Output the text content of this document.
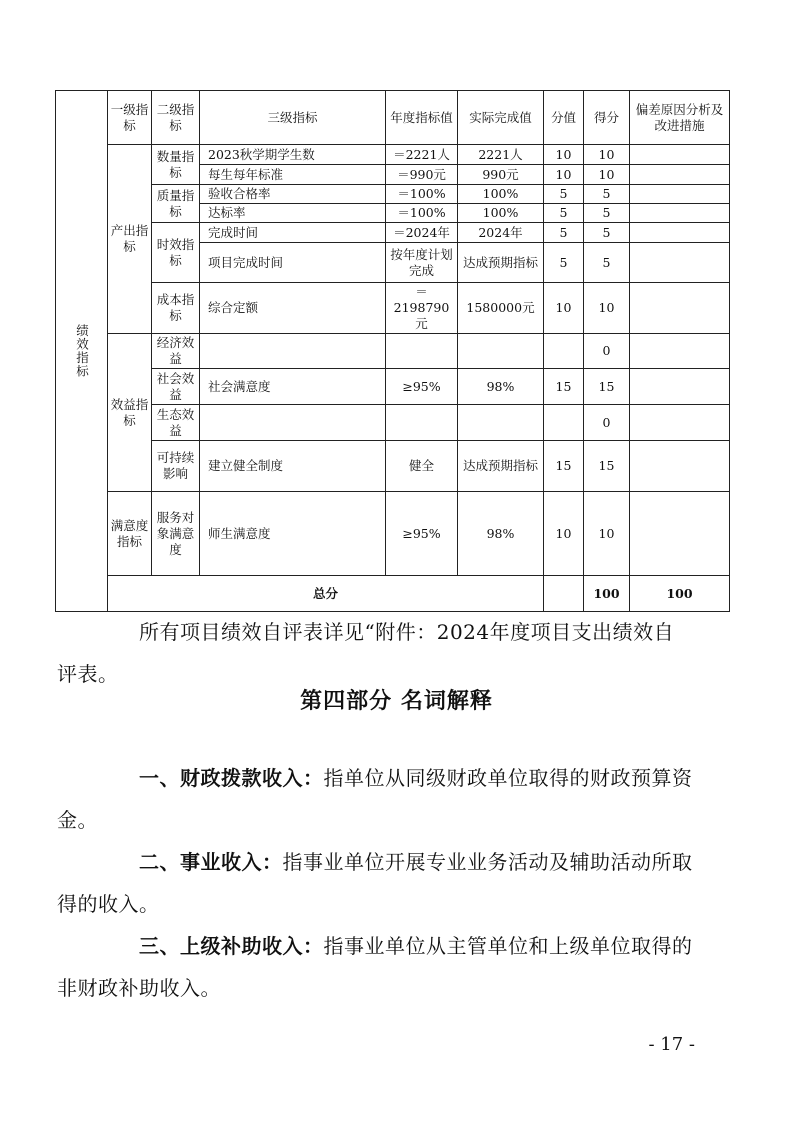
绩效指标	一级指标	二级指标	三级指标	年度指标值	实际完成值	分值	得分	偏差原因分析及改进措施	
	产出指标	数量指标	2023秋学期学生数	＝2221人	2221人	10	10		
			每生每年标准	＝990元	990元	10	10		
		质量指标	验收合格率	＝100%	100%	5	5		
			达标率	＝100%	100%	5	5		
		时效指标	完成时间	＝2024年	2024年	5	5		
			项目完成时间	按年度计划完成	达成预期指标	5	5		
		成本指标	综合定额	＝2198790元	1580000元	10	10		
	效益指标	经济效益					0		
		社会效益	社会满意度	≥95%	98%	15	15		
		生态效益					0		
		可持续影响	建立健全制度	健全	达成预期指标	15	15		
	满意度指标	服务对象满意度	师生满意度	≥95%	98%	10	10		
	总分						100	100	
所有项目绩效自评表详见“附件：2024年度项目支出绩效自
评表。
第四部分 名词解释
一、财政拨款收入：指单位从同级财政单位取得的财政预算资
金。
二、事业收入：指事业单位开展专业业务活动及辅助活动所取
得的收入。
三、上级补助收入：指事业单位从主管单位和上级单位取得的
非财政补助收入。
- 17 -
